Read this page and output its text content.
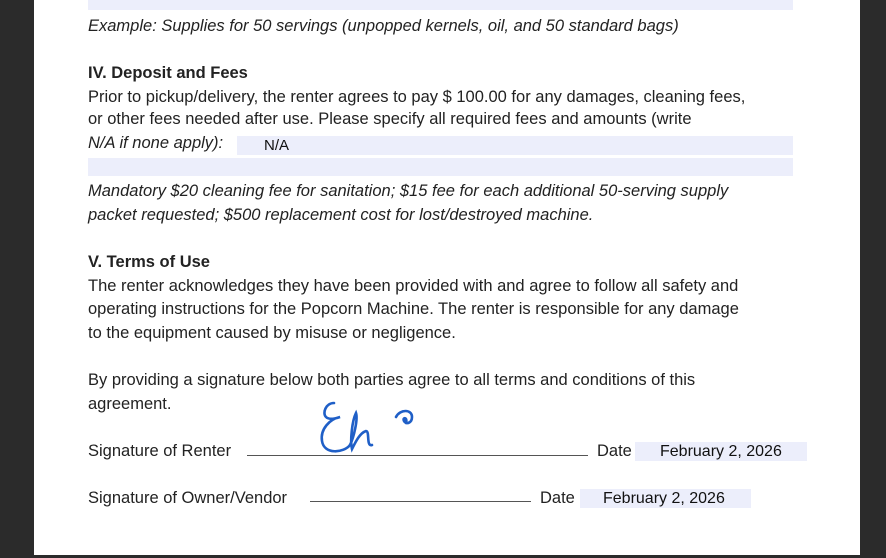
Example: Supplies for 50 servings (unpopped kernels, oil, and 50 standard bags)
IV. Deposit and Fees
Prior to pickup/delivery, the renter agrees to pay $ 100.00 for any damages, cleaning fees,
or other fees needed after use. Please specify all required fees and amounts (write
N/A if none apply):	N/A
Mandatory $20 cleaning fee for sanitation; $15 fee for each additional 50-serving supply
packet requested; $500 replacement cost for lost/destroyed machine.
V. Terms of Use
The renter acknowledges they have been provided with and agree to follow all safety and
operating instructions for the Popcorn Machine. The renter is responsible for any damage
to the equipment caused by misuse or negligence.
By providing a signature below both parties agree to all terms and conditions of this
agreement.
Signature of Renter	Date February 2, 2026
Signature of Owner/Vendor	Date February 2, 2026
